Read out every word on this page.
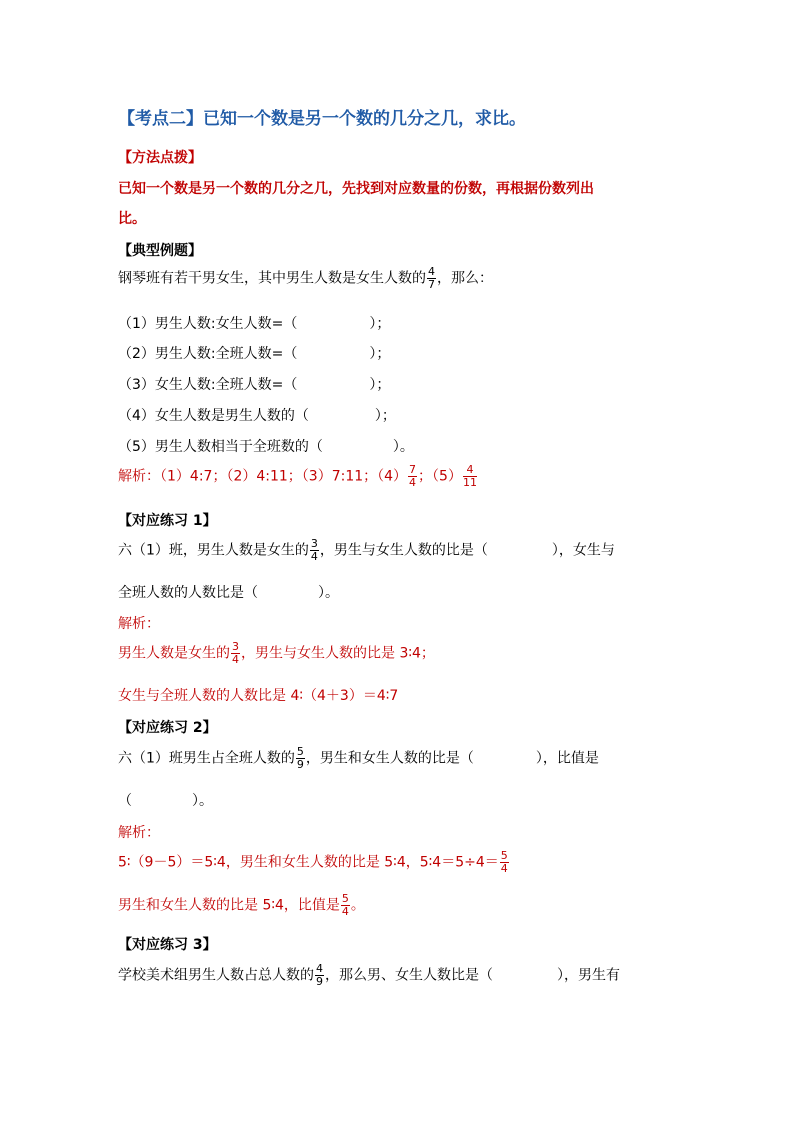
【考点二】已知一个数是另一个数的几分之几，求比。
【方法点拨】
已知一个数是另一个数的几分之几，先找到对应数量的份数，再根据份数列出
比。
【典型例题】
钢琴班有若干男女生，其中男生人数是女生人数的 $\frac{4}{7}$ ，那么：
（1）男生人数:女生人数=（	）；
（2）男生人数:全班人数=（	）；
（3）女生人数:全班人数=（	）；
（4）女生人数是男生人数的（	）；
（5）男生人数相当于全班数的（	）。
解析：（1）4:7；（2）4:11；（3）7:11；$(4) \frac{7}{4}$ ；$(5) \frac{4}{11}$
【对应练习 1】
六（1）班，男生人数是女生的 $\frac{3}{4}$ ，男生与女生人数的比是（	），女生与
全班人数的人数比是（	）。
解析：
男生人数是女生的 $\frac{3}{4}$ ，男生与女生人数的比是 3∶4；
女生与全班人数的人数比是 4∶（4＋3）＝4∶7
【对应练习 2】
六（1）班男生占全班人数的 $\frac{5}{9}$ ，男生和女生人数的比是（	），比值是
（	）。
解析：
5∶（9－5）＝5∶4，男生和女生人数的比是 5∶4，5∶4＝5÷4＝ $\frac{5}{4}$
男生和女生人数的比是 5∶4，比值是 $\frac{5}{4}$ 。
【对应练习 3】
学校美术组男生人数占总人数的 $\frac{4}{9}$ ，那么男、女生人数比是（	），男生有
